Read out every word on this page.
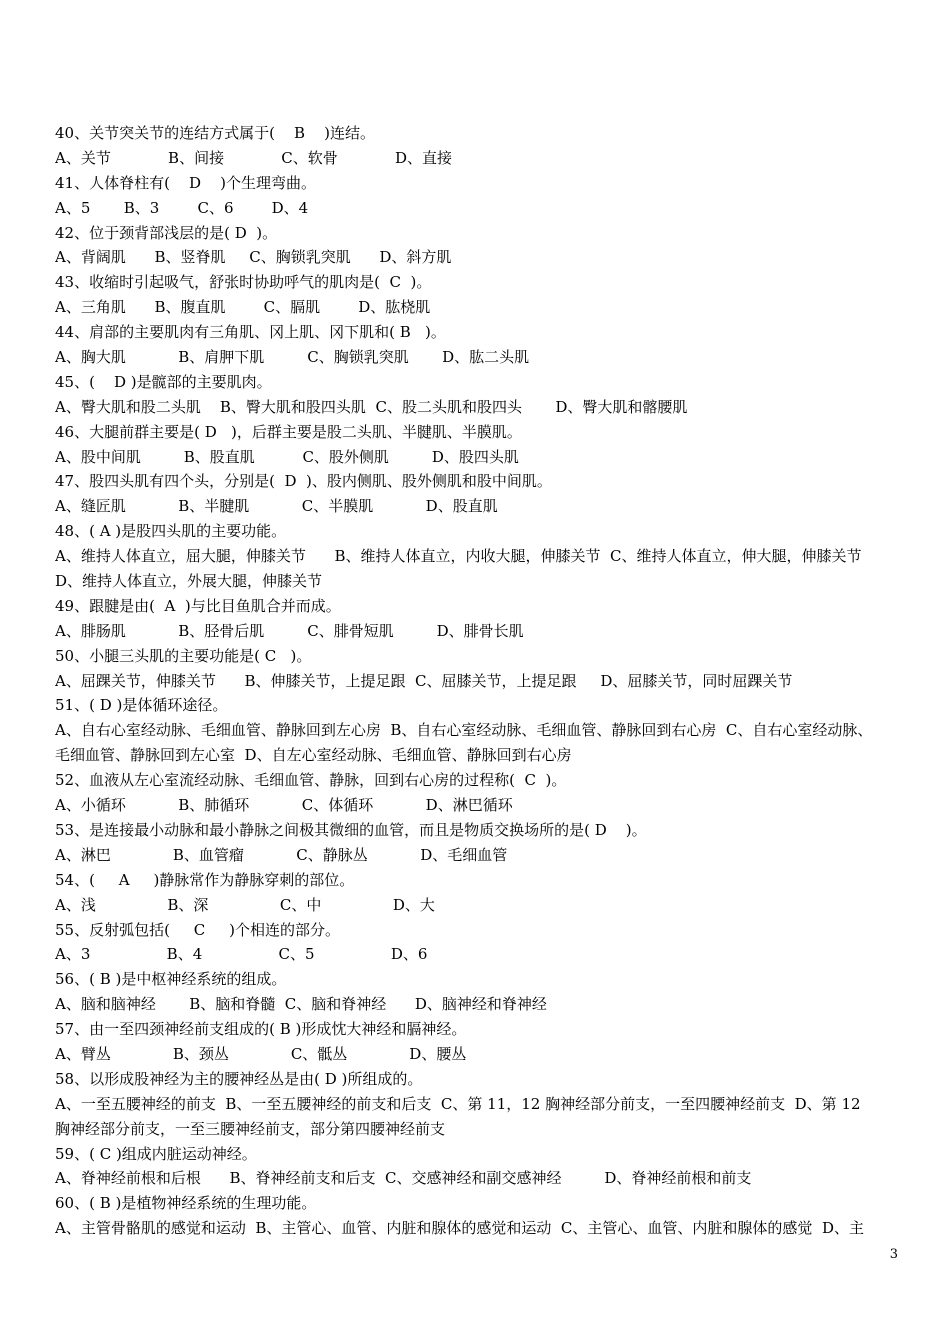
40、关节突关节的连结方式属于(    B    )连结。
A、关节            B、间接            C、软骨            D、直接
41、人体脊柱有(    D    )个生理弯曲。
A、5       B、3        C、6        D、4
42、位于颈背部浅层的是( D  )。
A、背阔肌      B、竖脊肌     C、胸锁乳突肌      D、斜方肌
43、收缩时引起吸气，舒张时协助呼气的肌肉是(  C  )。
A、三角肌      B、腹直肌        C、膈肌        D、肱桡肌
44、肩部的主要肌肉有三角肌、冈上肌、冈下肌和( B   )。
A、胸大肌           B、肩胛下肌         C、胸锁乳突肌       D、肱二头肌
45、(    D )是髋部的主要肌肉。
A、臀大肌和股二头肌    B、臀大肌和股四头肌  C、股二头肌和股四头       D、臀大肌和髂腰肌
46、大腿前群主要是( D   )，后群主要是股二头肌、半腱肌、半膜肌。
A、股中间肌         B、股直肌          C、股外侧肌         D、股四头肌
47、股四头肌有四个头，分别是(  D  )、股内侧肌、股外侧肌和股中间肌。
A、缝匠肌           B、半腱肌           C、半膜肌           D、股直肌
48、( A )是股四头肌的主要功能。
A、维持人体直立，屈大腿，伸膝关节      B、维持人体直立，内收大腿，伸膝关节  C、维持人体直立，伸大腿，伸膝关节
D、维持人体直立，外展大腿，伸膝关节
49、跟腱是由(  A  )与比目鱼肌合并而成。
A、腓肠肌           B、胫骨后肌         C、腓骨短肌         D、腓骨长肌
50、小腿三头肌的主要功能是( C   )。
A、屈踝关节，伸膝关节      B、伸膝关节，上提足跟  C、屈膝关节，上提足跟     D、屈膝关节，同时屈踝关节
51、( D )是体循环途径。
A、自右心室经动脉、毛细血管、静脉回到左心房  B、自右心室经动脉、毛细血管、静脉回到右心房  C、自右心室经动脉、
毛细血管、静脉回到左心室  D、自左心室经动脉、毛细血管、静脉回到右心房
52、血液从左心室流经动脉、毛细血管、静脉，回到右心房的过程称(  C  )。
A、小循环           B、肺循环           C、体循环           D、淋巴循环
53、是连接最小动脉和最小静脉之间极其微细的血管，而且是物质交换场所的是( D    )。
A、淋巴             B、血管瘤           C、静脉丛           D、毛细血管
54、(     A     )静脉常作为静脉穿刺的部位。
A、浅               B、深               C、中               D、大
55、反射弧包括(     C     )个相连的部分。
A、3                B、4                C、5                D、6
56、( B )是中枢神经系统的组成。
A、脑和脑神经       B、脑和脊髓  C、脑和脊神经      D、脑神经和脊神经
57、由一至四颈神经前支组成的( B )形成忱大神经和膈神经。
A、臂丛             B、颈丛             C、骶丛             D、腰丛
58、以形成股神经为主的腰神经丛是由( D )所组成的。
A、一至五腰神经的前支  B、一至五腰神经的前支和后支  C、第 11，12 胸神经部分前支，一至四腰神经前支  D、第 12
胸神经部分前支，一至三腰神经前支，部分第四腰神经前支
59、( C )组成内脏运动神经。
A、脊神经前根和后根      B、脊神经前支和后支  C、交感神经和副交感神经         D、脊神经前根和前支
60、( B )是植物神经系统的生理功能。
A、主管骨骼肌的感觉和运动  B、主管心、血管、内脏和腺体的感觉和运动  C、主管心、血管、内脏和腺体的感觉  D、主
3
